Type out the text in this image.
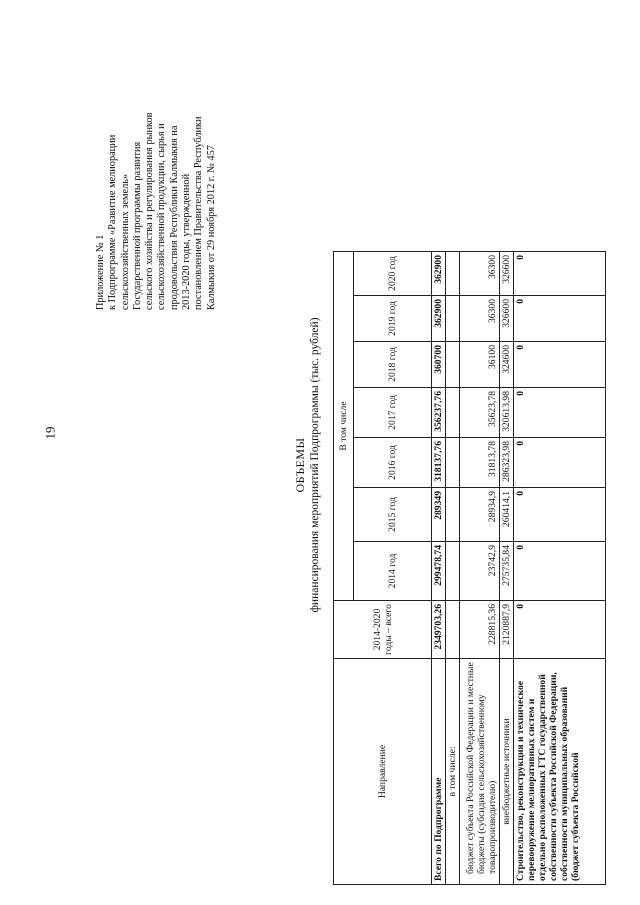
19
Приложение № 1 к Подпрограмме «Развитие мелиорации сельскохозяйственных земель» Государственной программы развития сельского хозяйства и регулирования рынков сельскохозяйственной продукции, сырья и продовольствия Республики Калмыкия на 2013-2020 годы, утвержденной постановлением Правительства Республики Калмыкия от 29 ноября 2012 г. № 457
ОБЪЕМЫ финансирования мероприятий Подпрограммы (тыс. рублей)
Направление	2014-2020 годы – всего	В том числе						
		2014 год	2015 год	2016 год	2017 год	2018 год	2019 год	2020 год
Всего по Подпрограмме	2349703,26	299478,74	289349	318137,76	356237,76	360700	362900	362900
в том числе:								
бюджет субъекта Российской Федерации и местные бюджеты (субсидия сельскохозяйственному товаропроизводителю)	228815,36	23742,9	28934,9	31813,78	35623,78	36100	36300	36300
внебюджетные источники	2120887,9	275735,84	260414,1	286323,98	320613,98	324600	326600	326600
Строительство, реконструкция и техническое перевооружение мелиоративных систем и отдельно расположенных ГТС государственной собственности субъекта Российской Федерации, собственности муниципальных образований (бюджет субъекта Российской	0	0	0	0	0	0	0	0
